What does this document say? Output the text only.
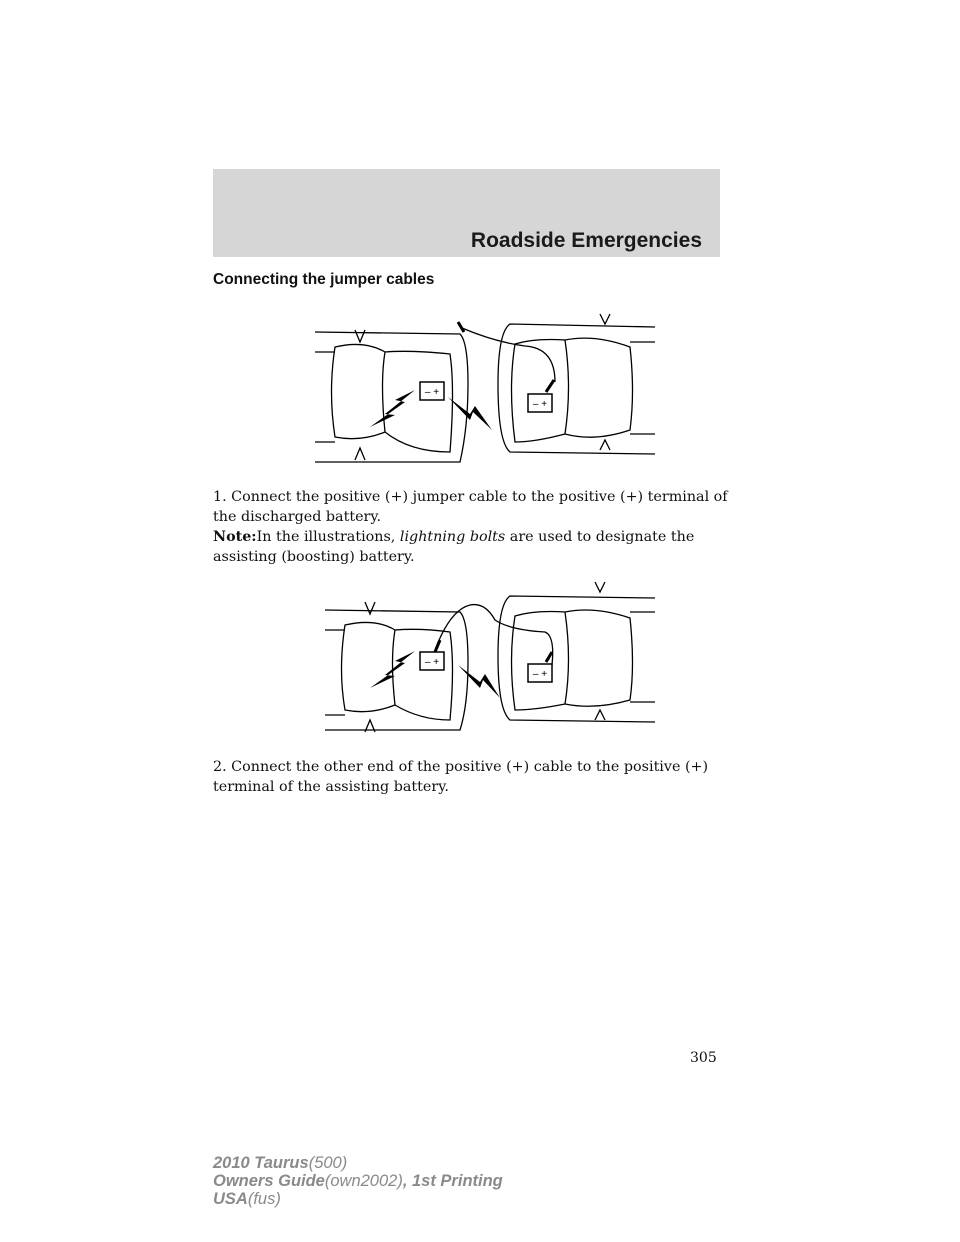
Roadside Emergencies
Connecting the jumper cables
– +
– +

1. Connect the positive (+) jumper cable to the positive (+) terminal of the discharged battery.

Note:In the illustrations, lightning bolts are used to designate the assisting (boosting) battery.

– +
– +

2. Connect the other end of the positive (+) cable to the positive (+) terminal of the assisting battery.

305
2010 Taurus(500)
Owners Guide(own2002), 1st Printing
USA(fus)
